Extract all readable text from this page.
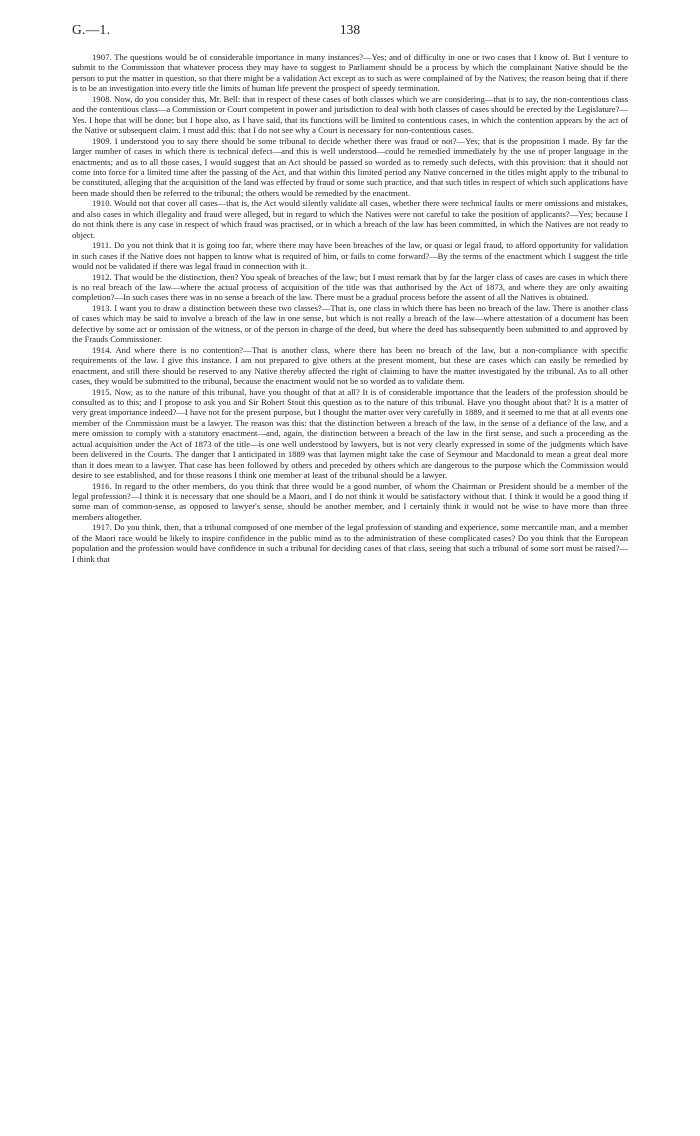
G.—1.	138

1907. The questions would be of considerable importance in many instances?—Yes; and of difficulty in one or two cases that I know of. But I venture to submit to the Commission that whatever process they may have to suggest to Parliament should be a process by which the complainant Native should be the person to put the matter in question, so that there might be a validation Act except as to such as were complained of by the Natives; the reason being that if there is to be an investigation into every title the limits of human life prevent the prospect of speedy termination.

1908. Now, do you consider this, Mr. Bell: that in respect of these cases of both classes which we are considering—that is to say, the non-contentious class and the contentious class—a Commission or Court competent in power and jurisdiction to deal with both classes of cases should be erected by the Legislature?—Yes. I hope that will be done; but I hope also, as I have said, that its functions will be limited to contentious cases, in which the contention appears by the act of the Native or subsequent claim. I must add this: that I do not see why a Court is necessary for non-contentious cases.

1909. I understood you to say there should be some tribunal to decide whether there was fraud or not?—Yes; that is the proposition I made. By far the larger number of cases in which there is technical defect—and this is well understood—could be remedied immediately by the use of proper language in the enactments; and as to all those cases, I would suggest that an Act should be passed so worded as to remedy such defects, with this provision: that it should not come into force for a limited time after the passing of the Act, and that within this limited period any Native concerned in the titles might apply to the tribunal to be constituted, alleging that the acquisition of the land was effected by fraud or some such practice, and that such titles in respect of which such applications have been made should then be referred to the tribunal; the others would be remedied by the enactment.

1910. Would not that cover all cases—that is, the Act would silently validate all cases, whether there were technical faults or mere omissions and mistakes, and also cases in which illegality and fraud were alleged, but in regard to which the Natives were not careful to take the position of applicants?—Yes; because I do not think there is any case in respect of which fraud was practised, or in which a breach of the law has been committed, in which the Natives are not ready to object.

1911. Do you not think that it is going too far, where there may have been breaches of the law, or quasi or legal fraud, to afford opportunity for validation in such cases if the Native does not happen to know what is required of him, or fails to come forward?—By the terms of the enactment which I suggest the title would not be validated if there was legal fraud in connection with it.

1912. That would be the distinction, then? You speak of breaches of the law; but I must remark that by far the larger class of cases are cases in which there is no real breach of the law—where the actual process of acquisition of the title was that authorised by the Act of 1873, and where they are only awaiting completion?—In such cases there was in no sense a breach of the law. There must be a gradual process before the assent of all the Natives is obtained.

1913. I want you to draw a distinction between these two classes?—That is, one class in which there has been no breach of the law. There is another class of cases which may be said to involve a breach of the law in one sense, but which is not really a breach of the law—where attestation of a document has been defective by some act or omission of the witness, or of the person in charge of the deed, but where the deed has subsequently been submitted to and approved by the Frauds Commissioner.

1914. And where there is no contention?—That is another class, where there has been no breach of the law, but a non-compliance with specific requirements of the law. I give this instance. I am not prepared to give others at the present moment, but these are cases which can easily be remedied by enactment, and still there should be reserved to any Native thereby affected the right of claiming to have the matter investigated by the tribunal. As to all other cases, they would be submitted to the tribunal, because the enactment would not be so worded as to validate them.

1915. Now, as to the nature of this tribunal, have you thought of that at all? It is of considerable importance that the leaders of the profession should be consulted as to this; and I propose to ask you and Sir Robert Stout this question as to the nature of this tribunal. Have you thought about that? It is a matter of very great importance indeed?—I have not for the present purpose, but I thought the matter over very carefully in 1889, and it seemed to me that at all events one member of the Commission must be a lawyer. The reason was this: that the distinction between a breach of the law, in the sense of a defiance of the law, and a mere omission to comply with a statutory enactment—and, again, the distinction between a breach of the law in the first sense, and such a proceeding as the actual acquisition under the Act of 1873 of the title—is one well understood by lawyers, but is not very clearly expressed in some of the judgments which have been delivered in the Courts. The danger that I anticipated in 1889 was that laymen might take the case of Seymour and Macdonald to mean a great deal more than it does mean to a lawyer. That case has been followed by others and preceded by others which are dangerous to the purpose which the Commission would desire to see established, and for those reasons I think one member at least of the tribunal should be a lawyer.

1916. In regard to the other members, do you think that three would be a good number, of whom the Chairman or President should be a member of the legal profession?—I think it is necessary that one should be a Maori, and I do not think it would be satisfactory without that. I think it would be a good thing if some man of common-sense, as opposed to lawyer's sense, should be another member, and I certainly think it would not be wise to have more than three members altogether.

1917. Do you think, then, that a tribunal composed of one member of the legal profession of standing and experience, some mercantile man, and a member of the Maori race would be likely to inspire confidence in the public mind as to the administration of these complicated cases? Do you think that the European population and the profession would have confidence in such a tribunal for deciding cases of that class, seeing that such a tribunal of some sort must be raised?—I think that
